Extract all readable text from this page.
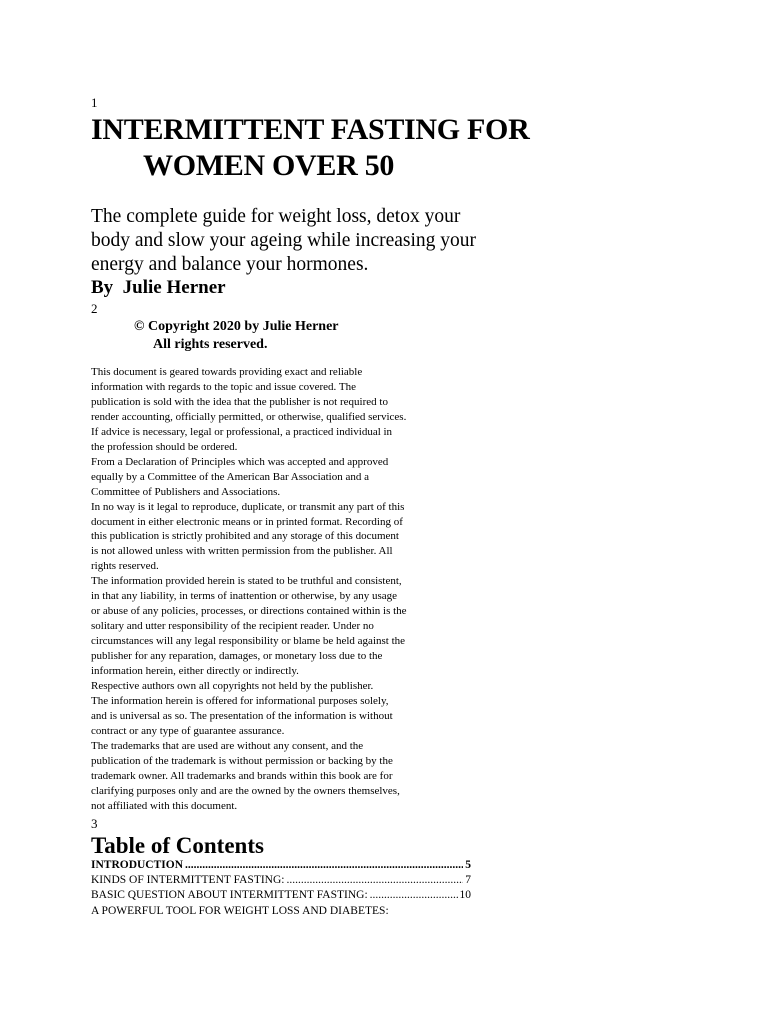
1
INTERMITTENT FASTING FOR
WOMEN OVER 50
The complete guide for weight loss, detox your
body and slow your ageing while increasing your
energy and balance your hormones.
By  Julie Herner
2
© Copyright 2020 by Julie Herner
All rights reserved.
This document is geared towards providing exact and reliable
information with regards to the topic and issue covered. The
publication is sold with the idea that the publisher is not required to
render accounting, officially permitted, or otherwise, qualified services.
If advice is necessary, legal or professional, a practiced individual in
the profession should be ordered.
From a Declaration of Principles which was accepted and approved
equally by a Committee of the American Bar Association and a
Committee of Publishers and Associations.
In no way is it legal to reproduce, duplicate, or transmit any part of this
document in either electronic means or in printed format. Recording of
this publication is strictly prohibited and any storage of this document
is not allowed unless with written permission from the publisher. All
rights reserved.
The information provided herein is stated to be truthful and consistent,
in that any liability, in terms of inattention or otherwise, by any usage
or abuse of any policies, processes, or directions contained within is the
solitary and utter responsibility of the recipient reader. Under no
circumstances will any legal responsibility or blame be held against the
publisher for any reparation, damages, or monetary loss due to the
information herein, either directly or indirectly.
Respective authors own all copyrights not held by the publisher.
The information herein is offered for informational purposes solely,
and is universal as so. The presentation of the information is without
contract or any type of guarantee assurance.
The trademarks that are used are without any consent, and the
publication of the trademark is without permission or backing by the
trademark owner. All trademarks and brands within this book are for
clarifying purposes only and are the owned by the owners themselves,
not affiliated with this document.
3
Table of Contents
INTRODUCTION .....	5
KINDS OF INTERMITTENT FASTING: .....	7
BASIC QUESTION ABOUT INTERMITTENT FASTING: .....	10
A POWERFUL TOOL FOR WEIGHT LOSS AND DIABETES:
